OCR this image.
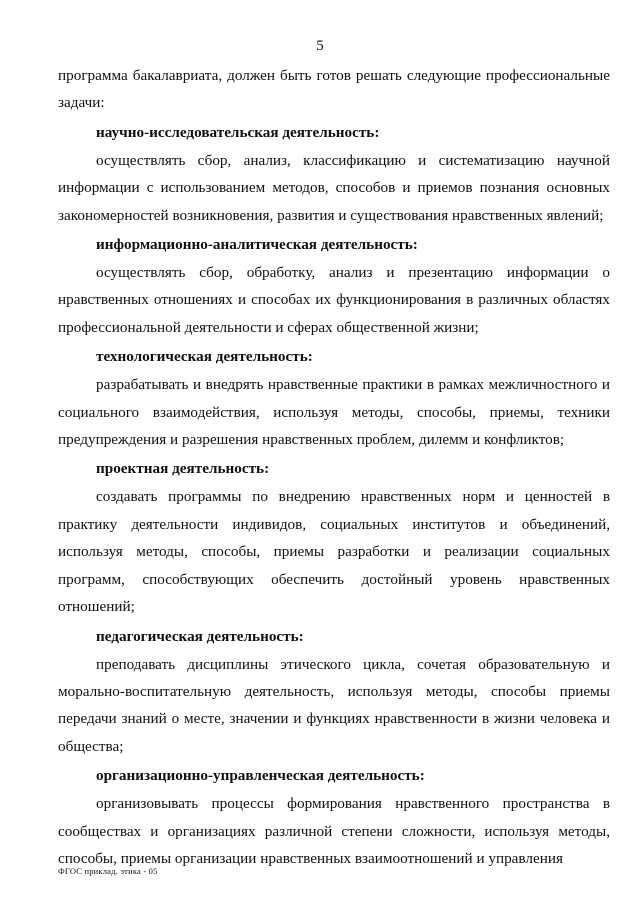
5

программа бакалавриата, должен быть готов решать следующие профессиональные задачи:

научно-исследовательская деятельность:

осуществлять сбор, анализ, классификацию и систематизацию научной информации с использованием методов, способов и приемов познания основных закономерностей возникновения, развития и существования нравственных явлений;

информационно-аналитическая деятельность:

осуществлять сбор, обработку, анализ и презентацию информации о нравственных отношениях и способах их функционирования в различных областях профессиональной деятельности и сферах общественной жизни;

технологическая деятельность:

разрабатывать и внедрять нравственные практики в рамках межличностного и социального взаимодействия, используя методы, способы, приемы, техники предупреждения и разрешения нравственных проблем, дилемм и конфликтов;

проектная деятельность:

создавать программы по внедрению нравственных норм и ценностей в практику деятельности индивидов, социальных институтов и объединений, используя методы, способы, приемы разработки и реализации социальных программ, способствующих обеспечить достойный уровень нравственных отношений;

педагогическая деятельность:

преподавать дисциплины этического цикла, сочетая образовательную и морально-воспитательную деятельность, используя методы, способы приемы передачи знаний о месте, значении и функциях нравственности в жизни человека и общества;

организационно-управленческая деятельность:

организовывать процессы формирования нравственного пространства в сообществах и организациях различной степени сложности, используя методы, способы, приемы организации нравственных взаимоотношений и управления

ФГОС приклад. этика - 05
